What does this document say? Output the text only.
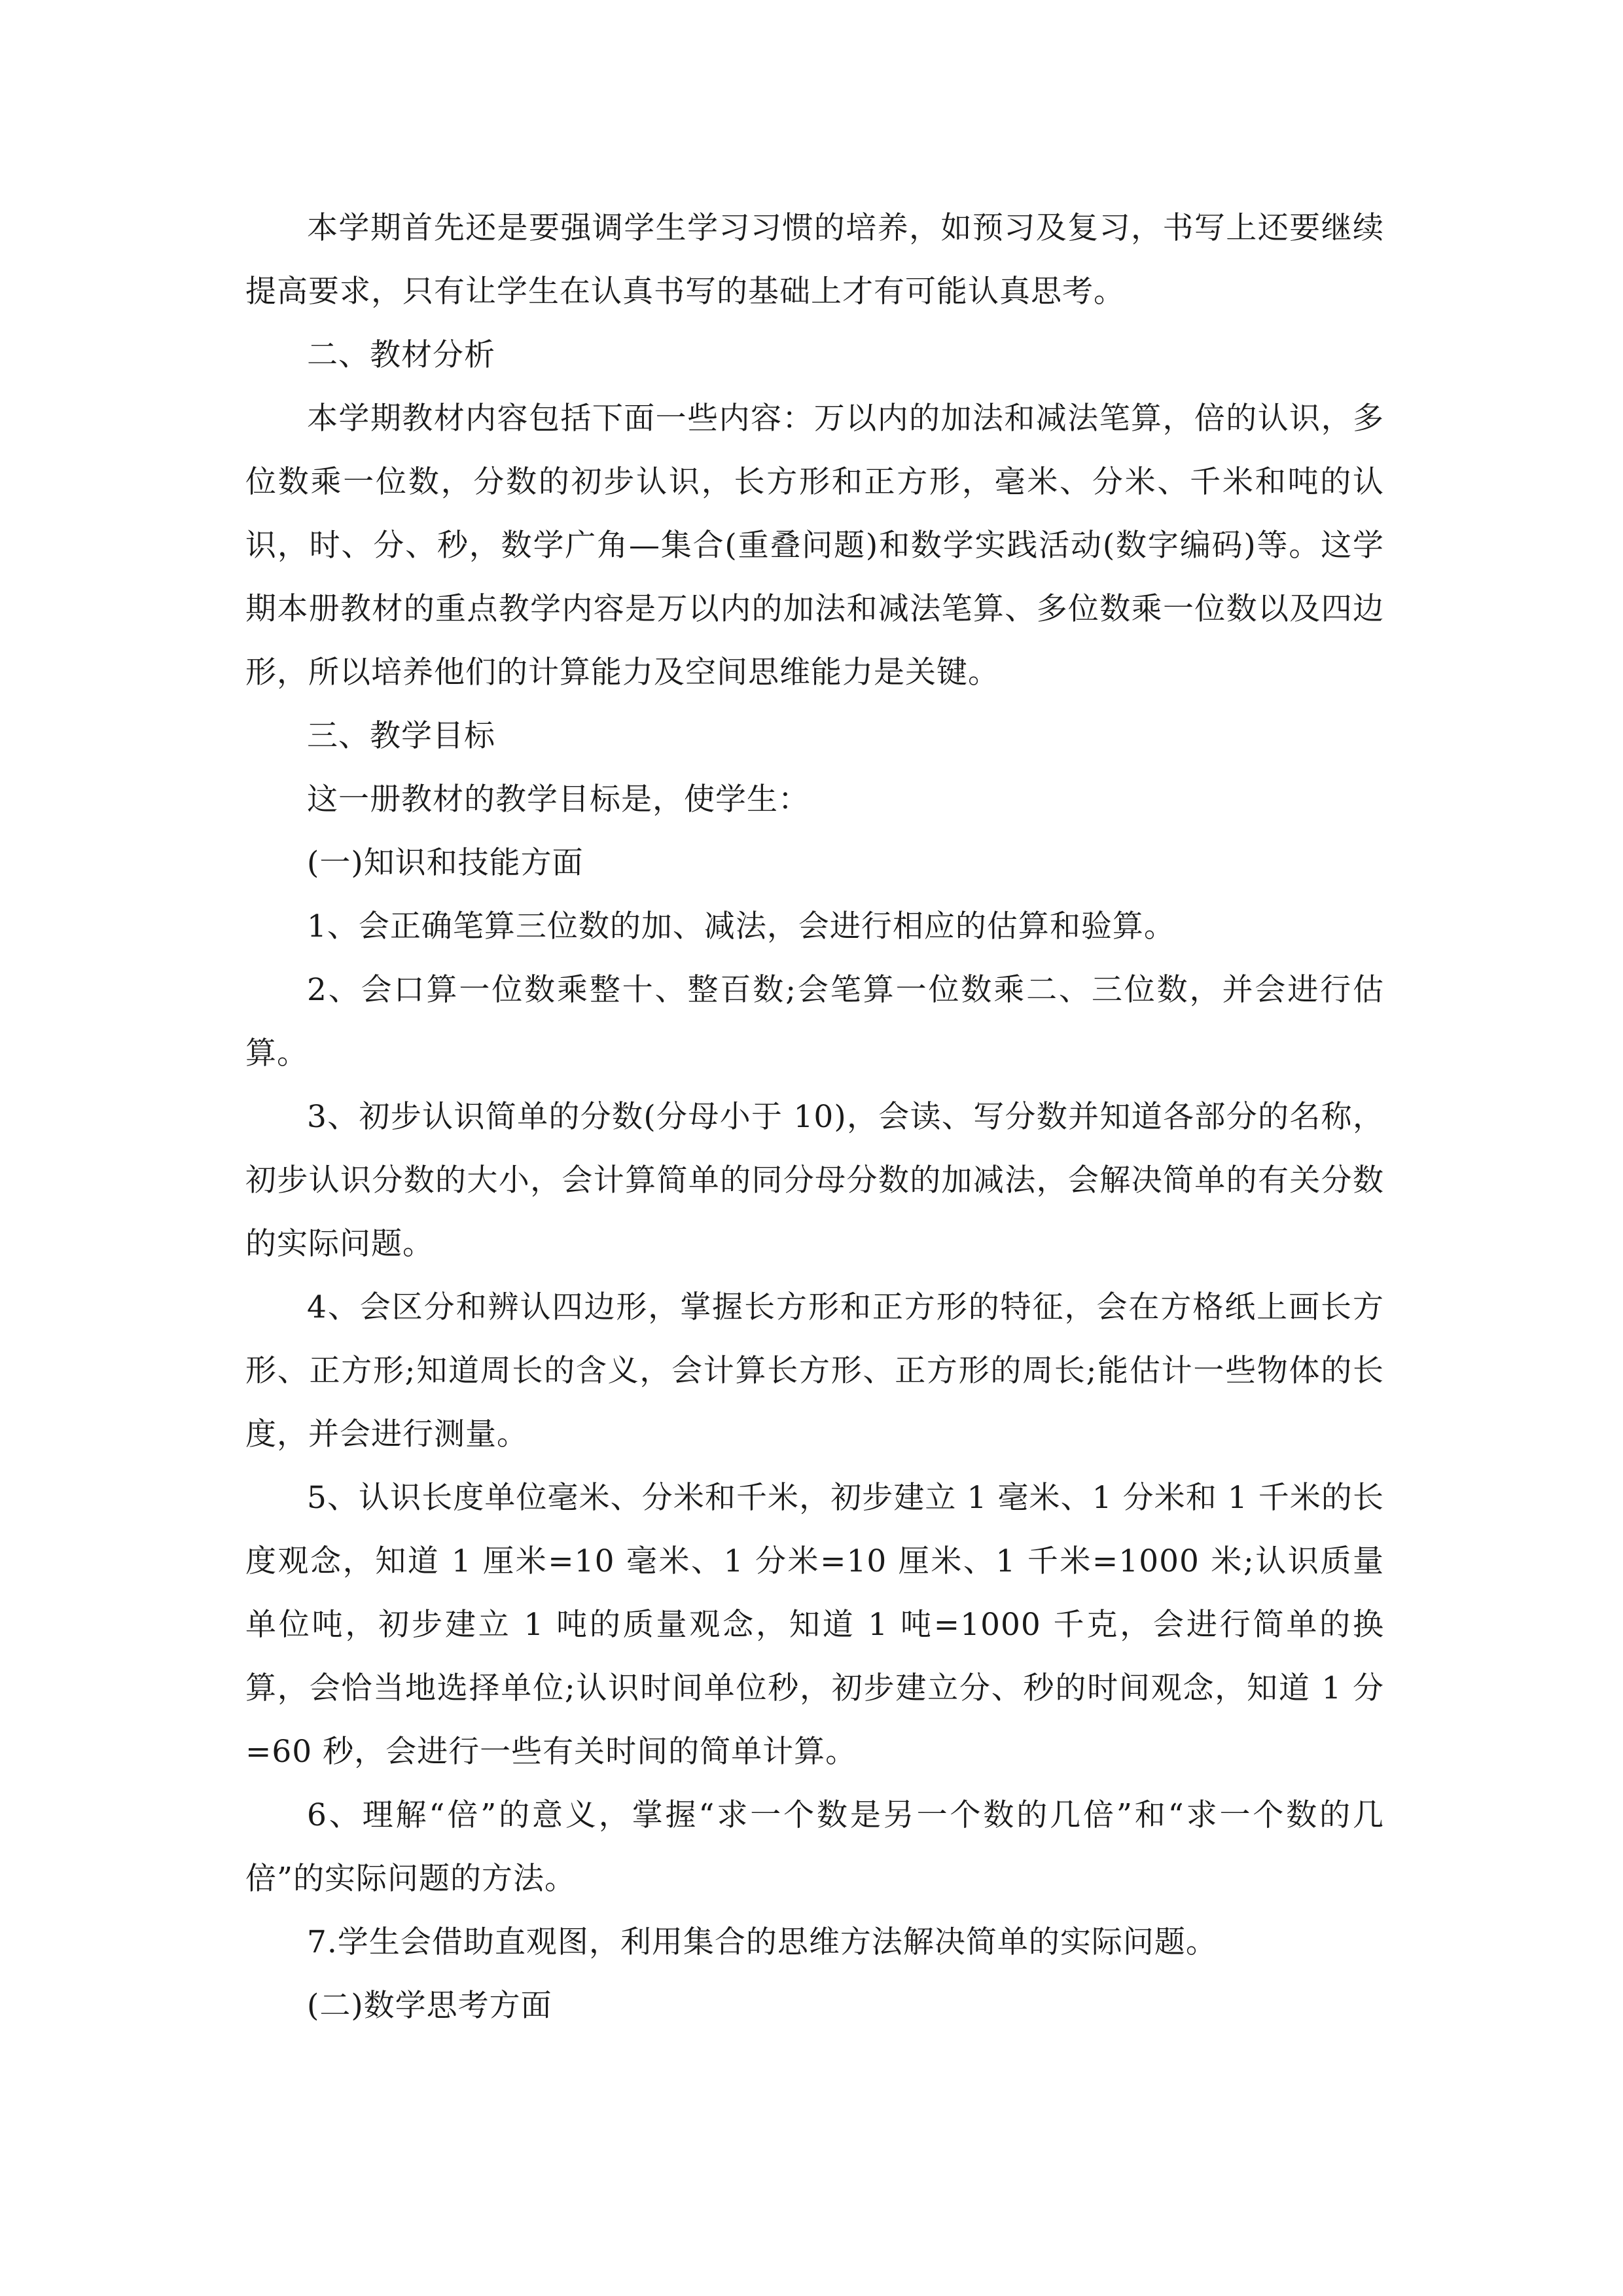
本学期首先还是要强调学生学习习惯的培养，如预习及复习，书写上还要继续提高要求，只有让学生在认真书写的基础上才有可能认真思考。

二、教材分析

本学期教材内容包括下面一些内容：万以内的加法和减法笔算，倍的认识，多位数乘一位数，分数的初步认识，长方形和正方形，毫米、分米、千米和吨的认识，时、分、秒，数学广角—集合(重叠问题)和数学实践活动(数字编码)等。这学期本册教材的重点教学内容是万以内的加法和减法笔算、多位数乘一位数以及四边形，所以培养他们的计算能力及空间思维能力是关键。

三、教学目标

这一册教材的教学目标是，使学生：

(一)知识和技能方面

1、会正确笔算三位数的加、减法，会进行相应的估算和验算。

2、会口算一位数乘整十、整百数;会笔算一位数乘二、三位数，并会进行估算。

3、初步认识简单的分数(分母小于 10)，会读、写分数并知道各部分的名称，初步认识分数的大小，会计算简单的同分母分数的加减法，会解决简单的有关分数的实际问题。

4、会区分和辨认四边形，掌握长方形和正方形的特征，会在方格纸上画长方形、正方形;知道周长的含义，会计算长方形、正方形的周长;能估计一些物体的长度，并会进行测量。

5、认识长度单位毫米、分米和千米，初步建立 1 毫米、1 分米和 1 千米的长度观念，知道 1 厘米=10 毫米、1 分米=10 厘米、1 千米=1000 米;认识质量单位吨，初步建立 1 吨的质量观念，知道 1 吨=1000 千克，会进行简单的换算，会恰当地选择单位;认识时间单位秒，初步建立分、秒的时间观念，知道 1 分=60 秒，会进行一些有关时间的简单计算。

6、理解“倍”的意义，掌握“求一个数是另一个数的几倍”和“求一个数的几倍”的实际问题的方法。

7.学生会借助直观图，利用集合的思维方法解决简单的实际问题。

(二)数学思考方面
